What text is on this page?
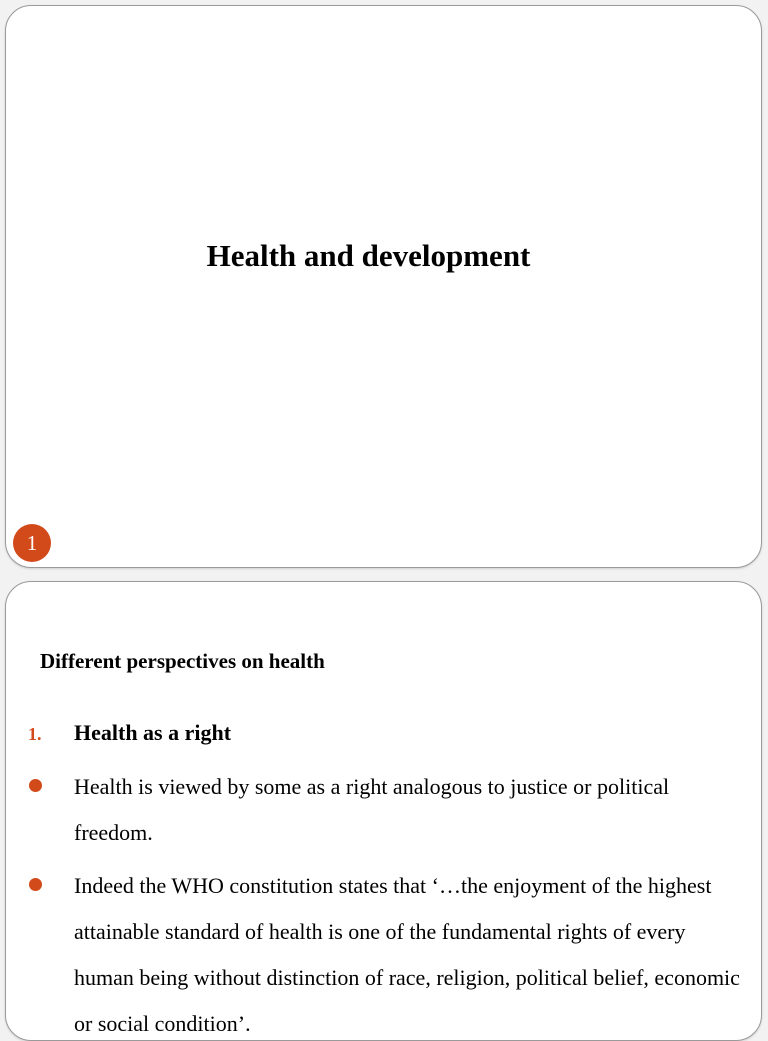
Health and development
1
Different perspectives on health
1. Health as a right
Health is viewed by some as a right analogous to justice or political freedom.
Indeed the WHO constitution states that ‘…the enjoyment of the highest attainable standard of health is one of the fundamental rights of every human being without distinction of race, religion, political belief, economic or social condition’.
